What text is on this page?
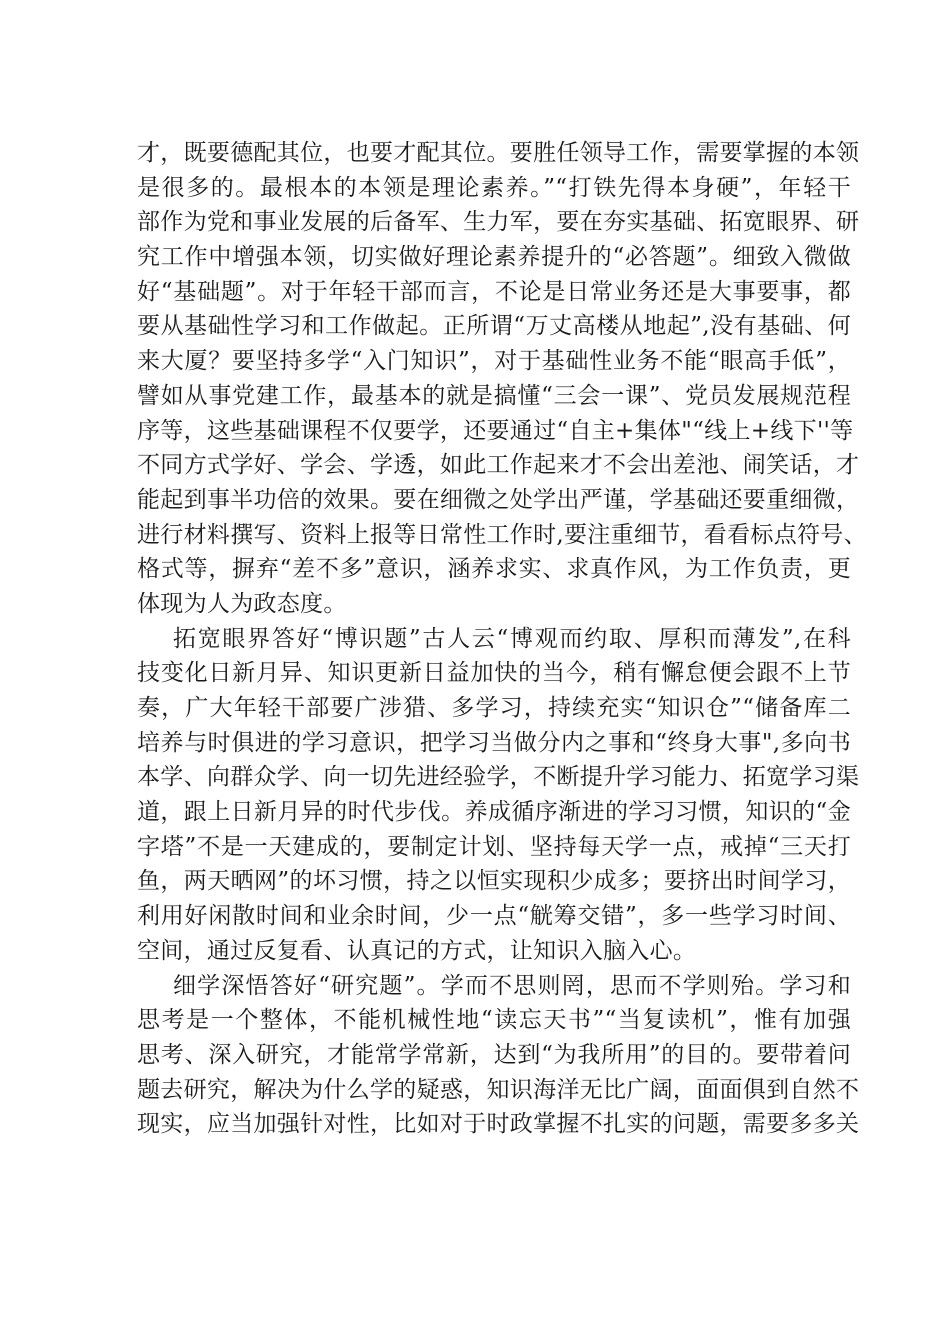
才，既要德配其位，也要才配其位。要胜任领导工作，需要掌握的本领
是很多的。最根本的本领是理论素养。”“打铁先得本身硬”，年轻干
部作为党和事业发展的后备军、生力军，要在夯实基础、拓宽眼界、研
究工作中增强本领，切实做好理论素养提升的“必答题”。细致入微做
好“基础题”。对于年轻干部而言，不论是日常业务还是大事要事，都
要从基础性学习和工作做起。正所谓“万丈高楼从地起”,没有基础、何
来大厦？要坚持多学“入门知识”，对于基础性业务不能“眼高手低”，
譬如从事党建工作，最基本的就是搞懂“三会一课”、党员发展规范程
序等，这些基础课程不仅要学，还要通过“自主+集体"“线上+线下''等
不同方式学好、学会、学透，如此工作起来才不会出差池、闹笑话，才
能起到事半功倍的效果。要在细微之处学出严谨，学基础还要重细微，
进行材料撰写、资料上报等日常性工作时,要注重细节，看看标点符号、
格式等，摒弃“差不多”意识，涵养求实、求真作风，为工作负责，更
体现为人为政态度。
拓宽眼界答好“博识题”古人云“博观而约取、厚积而薄发”,在科
技变化日新月异、知识更新日益加快的当今，稍有懈怠便会跟不上节
奏，广大年轻干部要广涉猎、多学习，持续充实“知识仓”“储备库二
培养与时俱进的学习意识，把学习当做分内之事和“终身大事",多向书
本学、向群众学、向一切先进经验学，不断提升学习能力、拓宽学习渠
道，跟上日新月异的时代步伐。养成循序渐进的学习习惯，知识的“金
字塔”不是一天建成的，要制定计划、坚持每天学一点，戒掉“三天打
鱼，两天晒网”的坏习惯，持之以恒实现积少成多；要挤出时间学习，
利用好闲散时间和业余时间，少一点“觥筹交错”，多一些学习时间、
空间，通过反复看、认真记的方式，让知识入脑入心。
细学深悟答好“研究题”。学而不思则罔，思而不学则殆。学习和
思考是一个整体，不能机械性地“读忘天书”“当复读机”，惟有加强
思考、深入研究，才能常学常新，达到“为我所用”的目的。要带着问
题去研究，解决为什么学的疑惑，知识海洋无比广阔，面面俱到自然不
现实，应当加强针对性，比如对于时政掌握不扎实的问题，需要多多关
